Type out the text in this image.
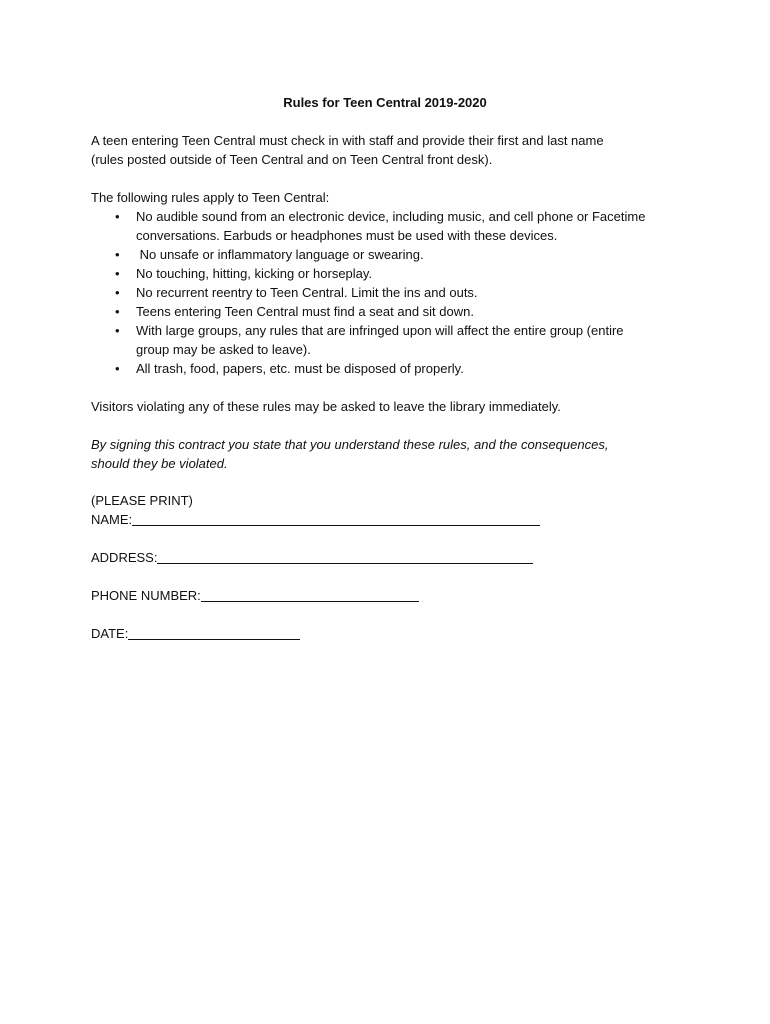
Rules for Teen Central 2019-2020

A teen entering Teen Central must check in with staff and provide their first and last name

(rules posted outside of Teen Central and on Teen Central front desk).

The following rules apply to Teen Central:

• No audible sound from an electronic device, including music, and cell phone or Facetime
conversations. Earbuds or headphones must be used with these devices.
• No unsafe or inflammatory language or swearing.
• No touching, hitting, kicking or horseplay.
• No recurrent reentry to Teen Central. Limit the ins and outs.
• Teens entering Teen Central must find a seat and sit down.
• With large groups, any rules that are infringed upon will affect the entire group (entire
group may be asked to leave).
• All trash, food, papers, etc. must be disposed of properly.

Visitors violating any of these rules may be asked to leave the library immediately.

By signing this contract you state that you understand these rules, and the consequences,
should they be violated.
(PLEASE PRINT)
NAME:
ADDRESS:
PHONE NUMBER:
DATE:
